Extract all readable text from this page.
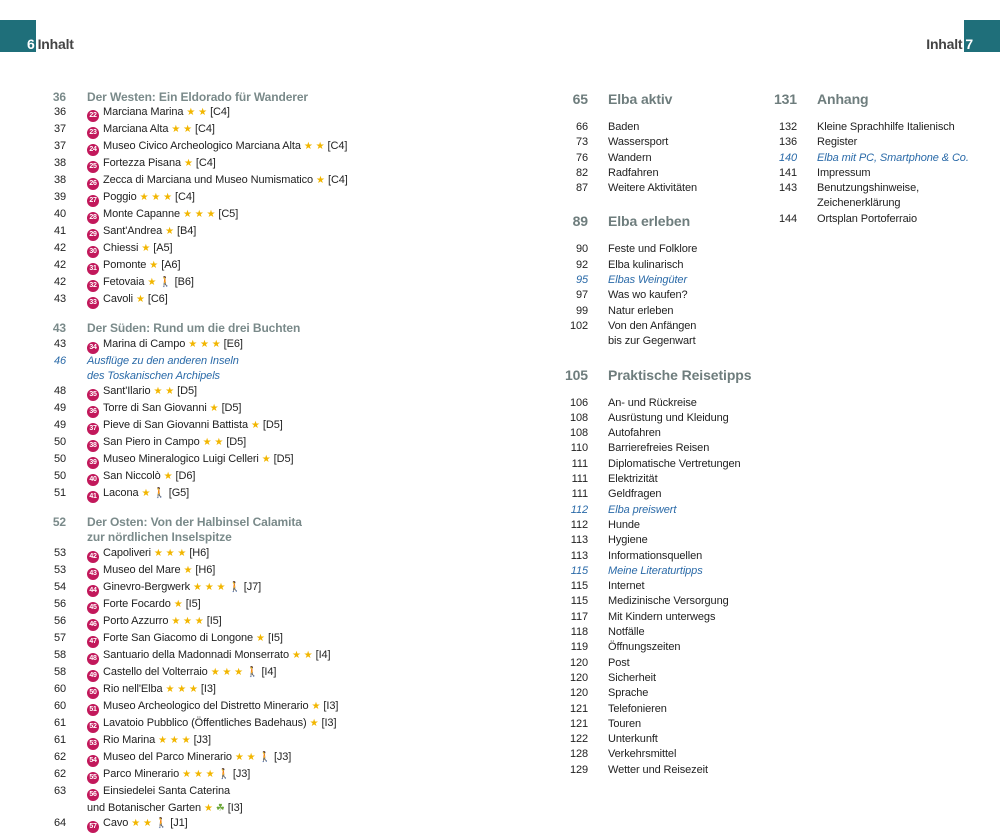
6 Inhalt	Inhalt 7
36 Der Westen: Ein Eldorado für Wanderer
36	22 Marciana Marina ★ ★ [C4]
37	23 Marciana Alta ★ ★ [C4]
37	24 Museo Civico Archeologico Marciana Alta ★ ★ [C4]
38	25 Fortezza Pisana ★ [C4]
38	26 Zecca di Marciana und Museo Numismatico ★ [C4]
39	27 Poggio ★ ★ ★ [C4]
40	28 Monte Capanne ★ ★ ★ [C5]
41	29 Sant'Andrea ★ [B4]
42	30 Chiessi ★ [A5]
42	31 Pomonte ★ [A6]
42	32 Fetovaia ★ 🚶 [B6]
43	33 Cavoli ★ [C6]
43 Der Süden: Rund um die drei Buchten
43	34 Marina di Campo ★ ★ ★ [E6]
46 Ausflüge zu den anderen Inseln
des Toskanischen Archipels
48	35 Sant'Ilario ★ ★ [D5]
49	36 Torre di San Giovanni ★ [D5]
49	37 Pieve di San Giovanni Battista ★ [D5]
50	38 San Piero in Campo ★ ★ [D5]
50	39 Museo Mineralogico Luigi Celleri ★ [D5]
50	40 San Niccolò ★ [D6]
51	41 Lacona ★ 🚶 [G5]
52 Der Osten: Von der Halbinsel Calamita
zur nördlichen Inselspitze
53	42 Capoliveri ★ ★ ★ [H6]
53	43 Museo del Mare ★ [H6]
54	44 Ginevro-Bergwerk ★ ★ ★ 🚶 [J7]
56	45 Forte Focardo ★ [I5]
56	46 Porto Azzurro ★ ★ ★ [I5]
57	47 Forte San Giacomo di Longone ★ [I5]
58	48 Santuario della Madonnadi Monserrato ★ ★ [I4]
58	49 Castello del Volterraio ★ ★ ★ 🚶 [I4]
60	50 Rio nell'Elba ★ ★ ★ [I3]
60	51 Museo Archeologico del Distretto Minerario ★ [I3]
61	52 Lavatoio Pubblico (Öffentliches Badehaus) ★ [I3]
61	53 Rio Marina ★ ★ ★ [J3]
62	54 Museo del Parco Minerario ★ ★ 🚶 [J3]
62	55 Parco Minerario ★ ★ ★ 🚶 [J3]
63	56 Einsiedelei Santa Caterina
und Botanischer Garten ★ ☘ [I3]
64	57 Cavo ★ ★ 🚶 [J1]
65 Elba aktiv
66 Baden
73 Wassersport
76 Wandern
82 Radfahren
87 Weitere Aktivitäten
89 Elba erleben
90 Feste und Folklore
92 Elba kulinarisch
95 Elbas Weingüter
97 Was wo kaufen?
99 Natur erleben
102 Von den Anfängen
bis zur Gegenwart
105 Praktische Reisetipps
106 An- und Rückreise
108 Ausrüstung und Kleidung
108 Autofahren
110 Barrierefreies Reisen
111 Diplomatische Vertretungen
111 Elektrizität
111 Geldfragen
112 Elba preiswert
112 Hunde
113 Hygiene
113 Informationsquellen
115 Meine Literaturtipps
115 Internet
115 Medizinische Versorgung
117 Mit Kindern unterwegs
118 Notfälle
119 Öffnungszeiten
120 Post
120 Sicherheit
120 Sprache
121 Telefonieren
121 Touren
122 Unterkunft
128 Verkehrsmittel
129 Wetter und Reisezeit
131 Anhang
132 Kleine Sprachhilfe Italienisch
136 Register
140 Elba mit PC, Smartphone & Co.
141 Impressum
143 Benutzungshinweise,
Zeichenerklärung
144 Ortsplan Portoferraio
